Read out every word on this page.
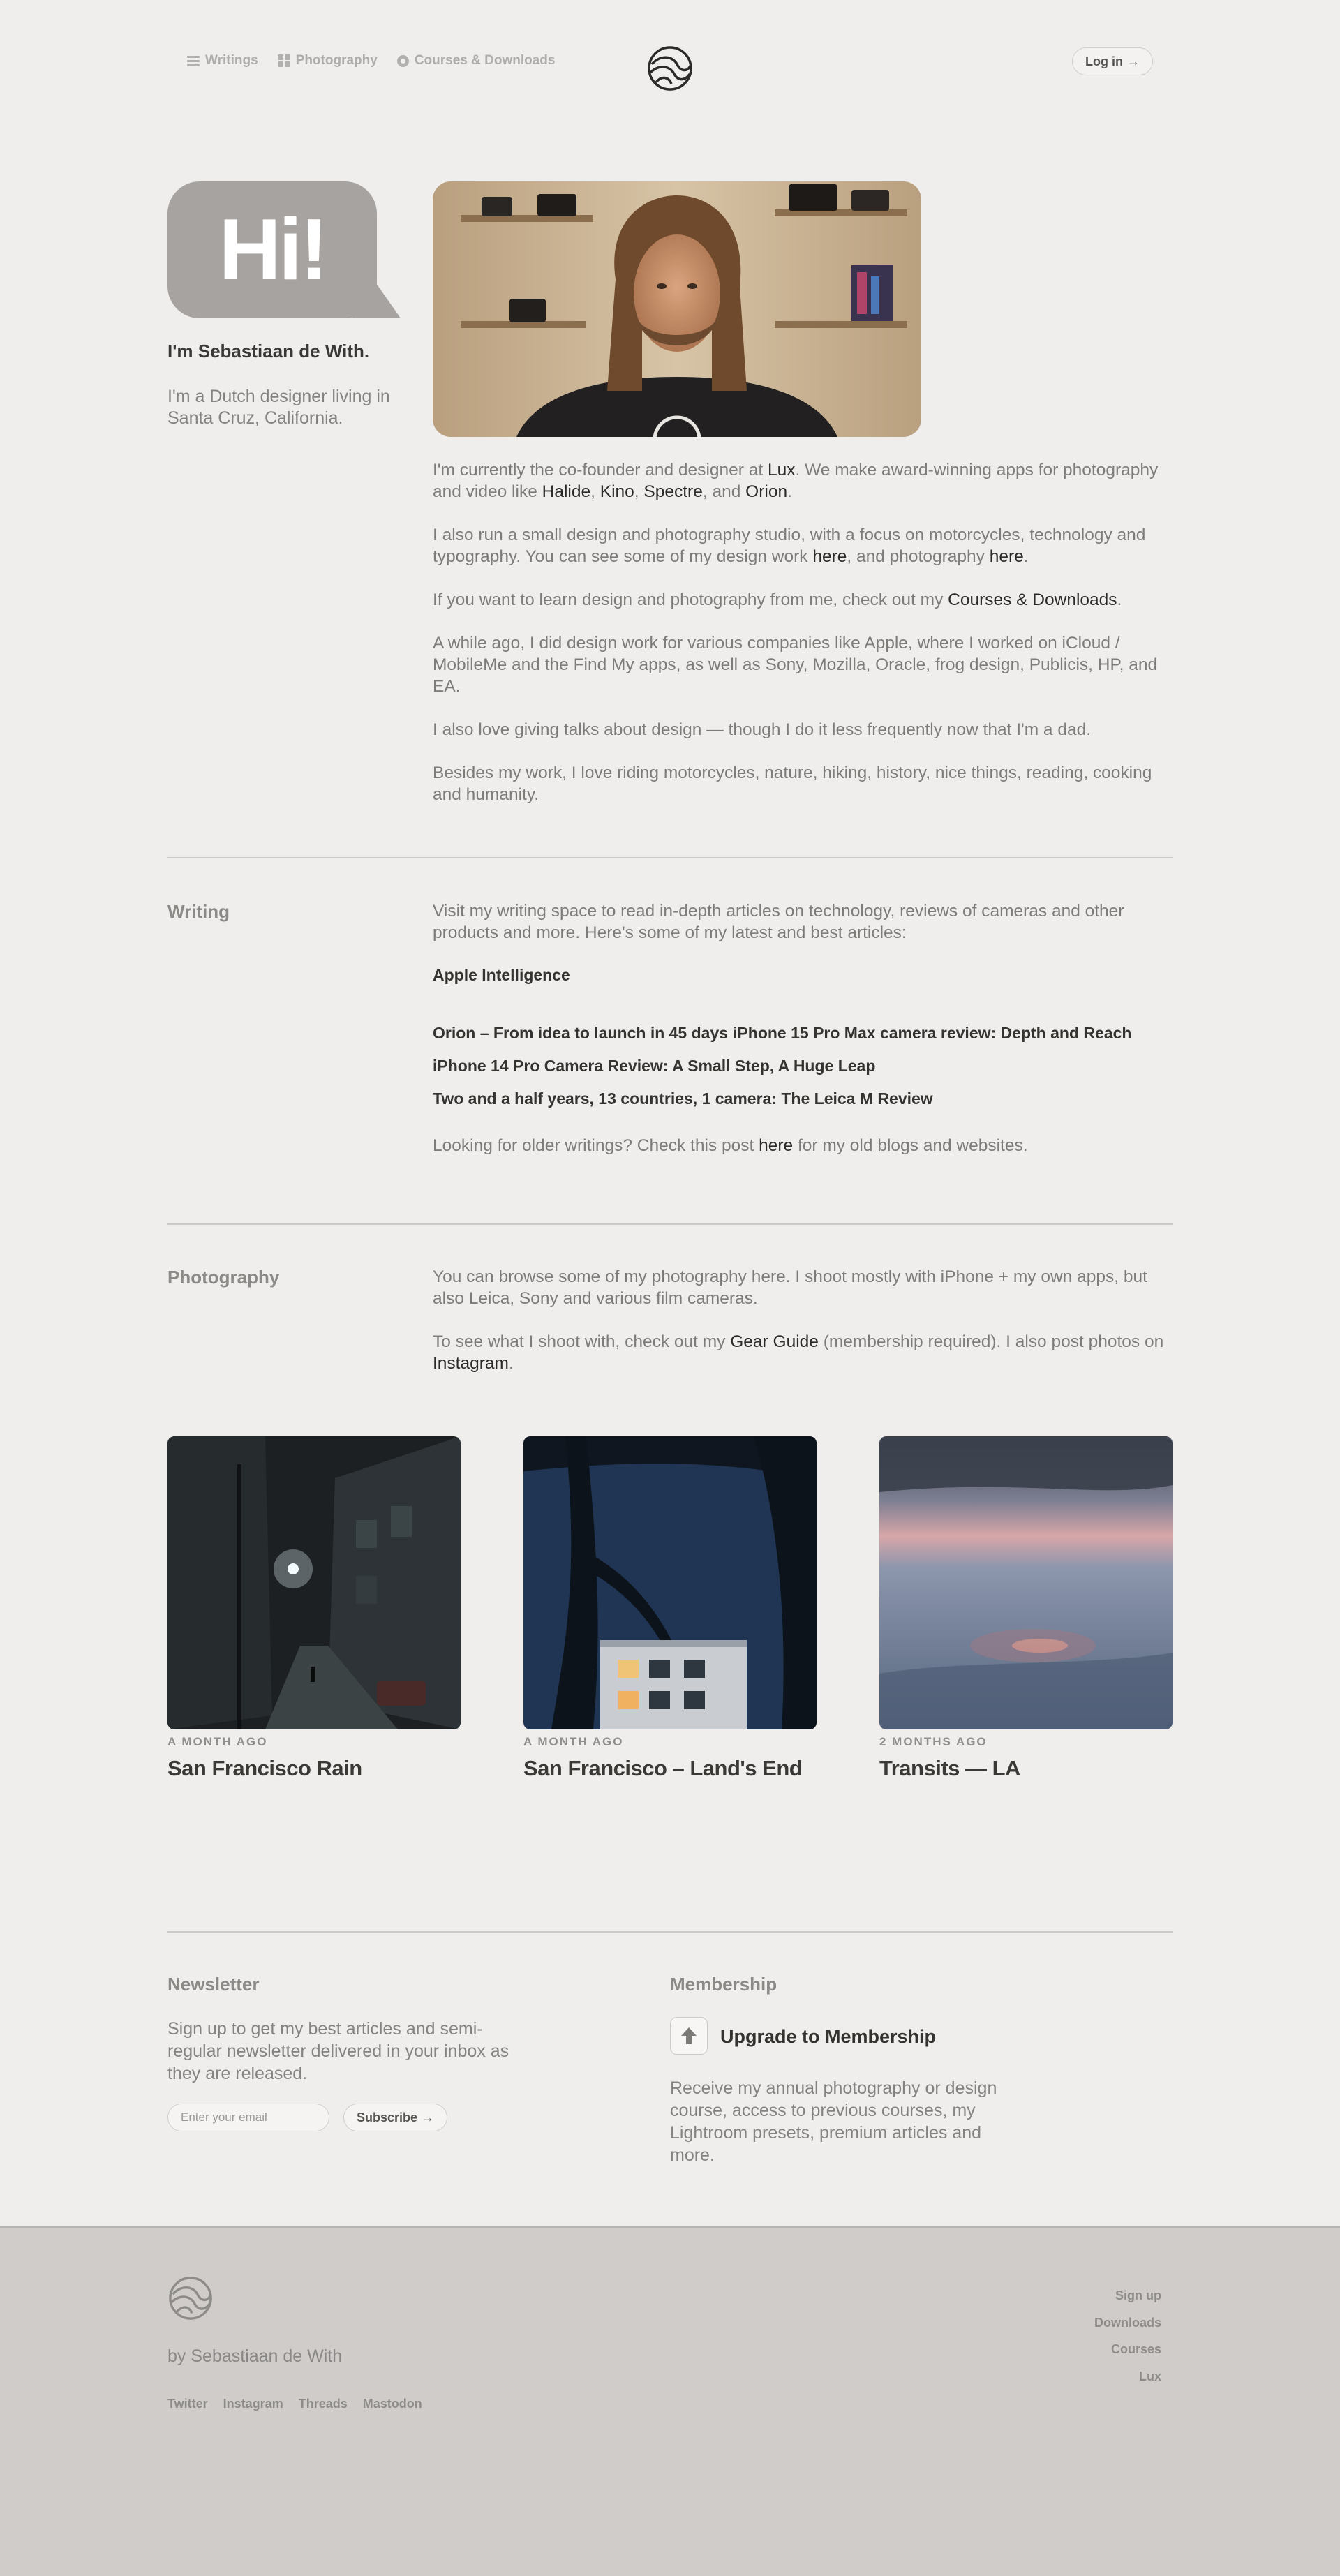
Writings	Photography	Courses & Downloads	Log in →
Hi!
I'm Sebastiaan de With.
I'm a Dutch designer living in Santa Cruz, California.

I'm currently the co-founder and designer at Lux. We make award-winning apps for photography and video like Halide, Kino, Spectre, and Orion.

I also run a small design and photography studio, with a focus on motorcycles, technology and typography. You can see some of my design work here, and photography here.

If you want to learn design and photography from me, check out my Courses & Downloads.

A while ago, I did design work for various companies like Apple, where I worked on iCloud / MobileMe and the Find My apps, as well as Sony, Mozilla, Oracle, frog design, Publicis, HP, and EA.

I also love giving talks about design — though I do it less frequently now that I'm a dad.

Besides my work, I love riding motorcycles, nature, hiking, history, nice things, reading, cooking and humanity.

Writing	Visit my writing space to read in-depth articles on technology, reviews of cameras and other products and more. Here's some of my latest and best articles:

Apple Intelligence
Orion – From idea to launch in 45 days iPhone 15 Pro Max camera review: Depth and Reach
iPhone 14 Pro Camera Review: A Small Step, A Huge Leap
Two and a half years, 13 countries, 1 camera: The Leica M Review

Looking for older writings? Check this post here for my old blogs and websites.

Photography	You can browse some of my photography here. I shoot mostly with iPhone + my own apps, but also Leica, Sony and various film cameras.

To see what I shoot with, check out my Gear Guide (membership required). I also post photos on Instagram.

A MONTH AGO
San Francisco Rain
A MONTH AGO
San Francisco – Land's End
2 MONTHS AGO
Transits — LA
Newsletter
Sign up to get my best articles and semi-regular newsletter delivered in your inbox as they are released.
Enter your email
Subscribe →
Membership
Upgrade to Membership
Receive my annual photography or design course, access to previous courses, my Lightroom presets, premium articles and more.
by Sebastiaan de With
Twitter Instagram Threads Mastodon
Sign up
Downloads
Courses
Lux
